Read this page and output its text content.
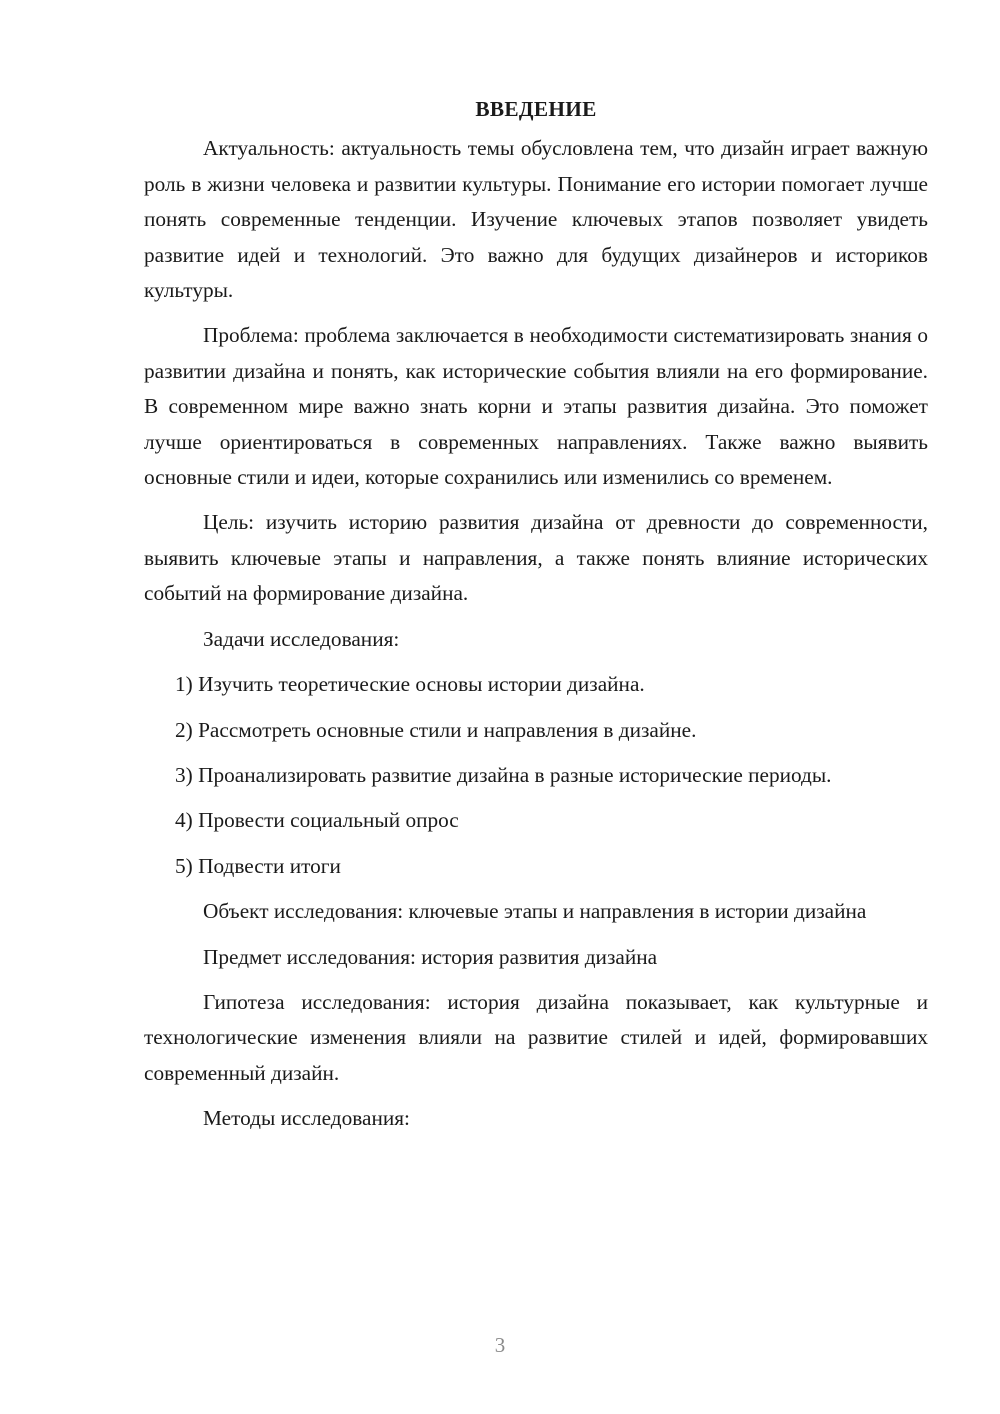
ВВЕДЕНИЕ

Актуальность: актуальность темы обусловлена тем, что дизайн играет важную роль в жизни человека и развитии культуры. Понимание его истории помогает лучше понять современные тенденции. Изучение ключевых этапов позволяет увидеть развитие идей и технологий. Это важно для будущих дизайнеров и историков культуры.

Проблема: проблема заключается в необходимости систематизировать знания о развитии дизайна и понять, как исторические события влияли на его формирование. В современном мире важно знать корни и этапы развития дизайна. Это поможет лучше ориентироваться в современных направлениях. Также важно выявить основные стили и идеи, которые сохранились или изменились со временем.

Цель: изучить историю развития дизайна от древности до современности, выявить ключевые этапы и направления, а также понять влияние исторических событий на формирование дизайна.

Задачи исследования:

1) Изучить теоретические основы истории дизайна.

2) Рассмотреть основные стили и направления в дизайне.

3) Проанализировать развитие дизайна в разные исторические периоды.

4) Провести социальный опрос

5) Подвести итоги

Объект исследования: ключевые этапы и направления в истории дизайна

Предмет исследования: история развития дизайна

Гипотеза исследования: история дизайна показывает, как культурные и технологические изменения влияли на развитие стилей и идей, формировавших современный дизайн.

Методы исследования:

3
